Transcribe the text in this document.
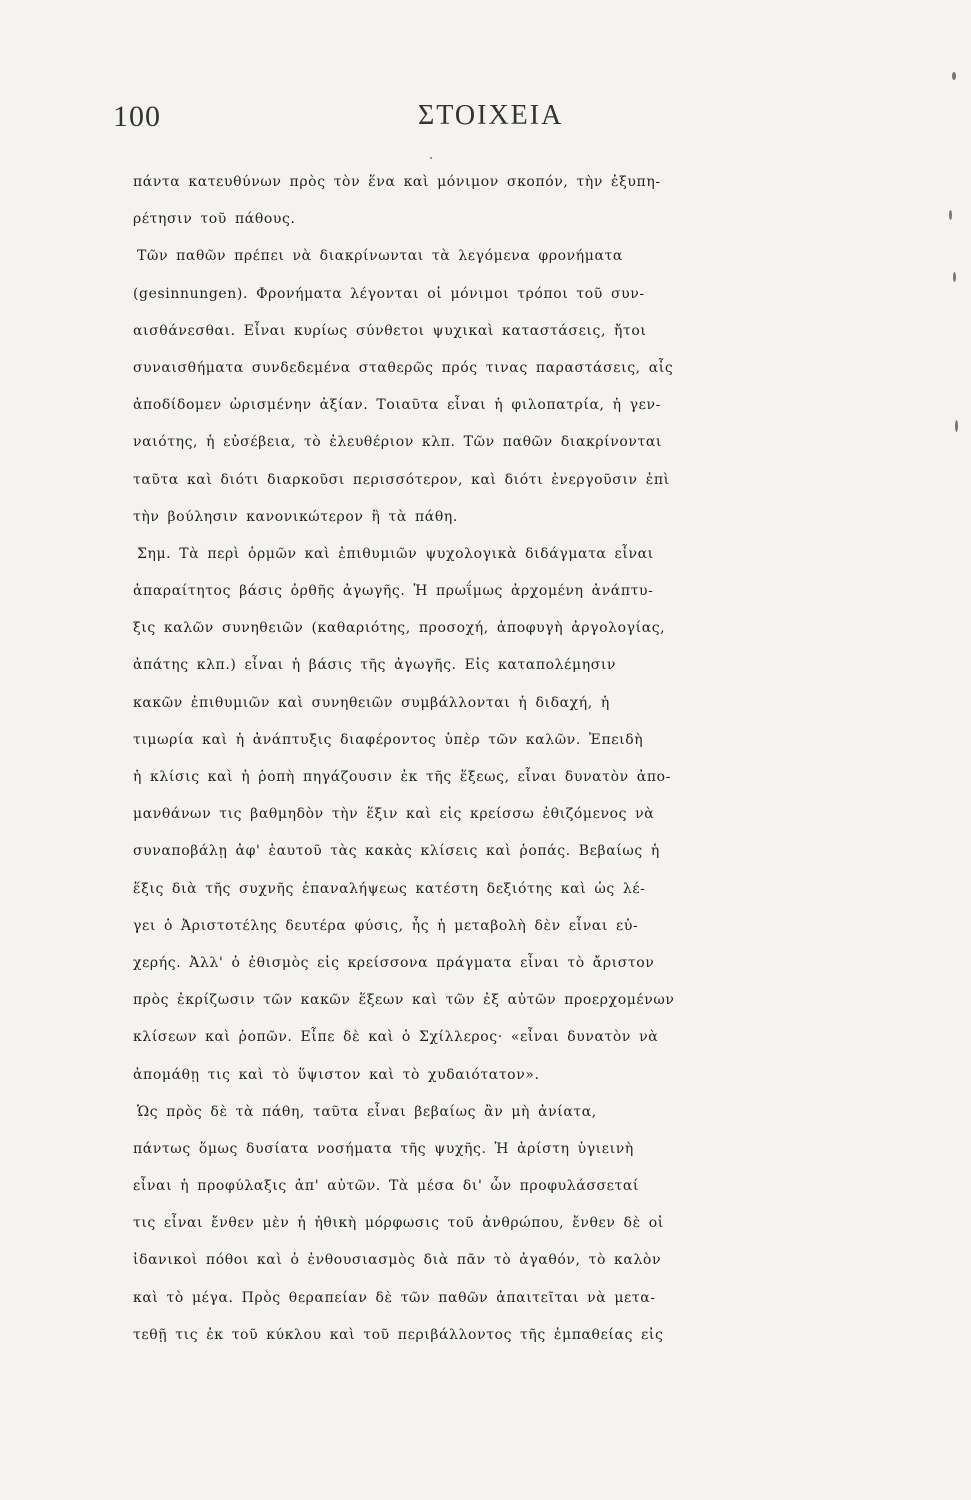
100	ΣΤΟΙΧΕΙΑ
πάντα κατευθύνων πρὸς τὸν ἕνα καὶ μόνιμον σκοπόν, τὴν ἐξυπη-
ρέτησιν τοῦ πάθους.
Τῶν παθῶν πρέπει νὰ διακρίνωνται τὰ λεγόμενα φρονήματα
(gesinnungen). Φρονήματα λέγονται οἱ μόνιμοι τρόποι τοῦ συν-
αισθάνεσθαι. Εἶναι κυρίως σύνθετοι ψυχικαὶ καταστάσεις, ἤτοι
συναισθήματα συνδεδεμένα σταθερῶς πρός τινας παραστάσεις, αἷς
ἀποδίδομεν ὡρισμένην ἀξίαν. Τοιαῦτα εἶναι ἡ φιλοπατρία, ἡ γεν-
ναιότης, ἡ εὐσέβεια, τὸ ἐλευθέριον κλπ. Τῶν παθῶν διακρίνονται
ταῦτα καὶ διότι διαρκοῦσι περισσότερον, καὶ διότι ἐνεργοῦσιν ἐπὶ
τὴν βούλησιν κανονικώτερον ἢ τὰ πάθη.
Σημ. Τὰ περὶ ὁρμῶν καὶ ἐπιθυμιῶν ψυχολογικὰ διδάγματα εἶναι
ἀπαραίτητος βάσις ὀρθῆς ἀγωγῆς. Ἡ πρωΐμως ἀρχομένη ἀνάπτυ-
ξις καλῶν συνηθειῶν (καθαριότης, προσοχή, ἀποφυγὴ ἀργολογίας,
ἀπάτης κλπ.) εἶναι ἡ βάσις τῆς ἀγωγῆς. Εἰς καταπολέμησιν
κακῶν ἐπιθυμιῶν καὶ συνηθειῶν συμβάλλονται ἡ διδαχή, ἡ
τιμωρία καὶ ἡ ἀνάπτυξις διαφέροντος ὑπὲρ τῶν καλῶν. Ἐπειδὴ
ἡ κλίσις καὶ ἡ ῥοπὴ πηγάζουσιν ἐκ τῆς ἕξεως, εἶναι δυνατὸν ἀπο-
μανθάνων τις βαθμηδὸν τὴν ἕξιν καὶ εἰς κρείσσω ἐθιζόμενος νὰ
συναποβάλῃ ἀφ' ἑαυτοῦ τὰς κακὰς κλίσεις καὶ ῥοπάς. Βεβαίως ἡ
ἕξις διὰ τῆς συχνῆς ἐπαναλήψεως κατέστη δεξιότης καὶ ὡς λέ-
γει ὁ Ἀριστοτέλης δευτέρα φύσις, ἧς ἡ μεταβολὴ δὲν εἶναι εὐ-
χερής. Ἀλλ' ὁ ἐθισμὸς εἰς κρείσσονα πράγματα εἶναι τὸ ἄριστον
πρὸς ἐκρίζωσιν τῶν κακῶν ἕξεων καὶ τῶν ἐξ αὐτῶν προερχομένων
κλίσεων καὶ ῥοπῶν. Εἶπε δὲ καὶ ὁ Σχίλλερος· «εἶναι δυνατὸν νὰ
ἀπομάθῃ τις καὶ τὸ ὕψιστον καὶ τὸ χυδαιότατον».
Ὡς πρὸς δὲ τὰ πάθη, ταῦτα εἶναι βεβαίως ἂν μὴ ἀνίατα,
πάντως ὅμως δυσίατα νοσήματα τῆς ψυχῆς. Ἡ ἀρίστη ὑγιεινὴ
εἶναι ἡ προφύλαξις ἀπ' αὐτῶν. Τὰ μέσα δι' ὧν προφυλάσσεταί
τις εἶναι ἔνθεν μὲν ἡ ἠθικὴ μόρφωσις τοῦ ἀνθρώπου, ἔνθεν δὲ οἱ
ἰδανικοὶ πόθοι καὶ ὁ ἐνθουσιασμὸς διὰ πᾶν τὸ ἀγαθόν, τὸ καλὸν
καὶ τὸ μέγα. Πρὸς θεραπείαν δὲ τῶν παθῶν ἀπαιτεῖται νὰ μετα-
τεθῇ τις ἐκ τοῦ κύκλου καὶ τοῦ περιβάλλοντος τῆς ἐμπαθείας εἰς
